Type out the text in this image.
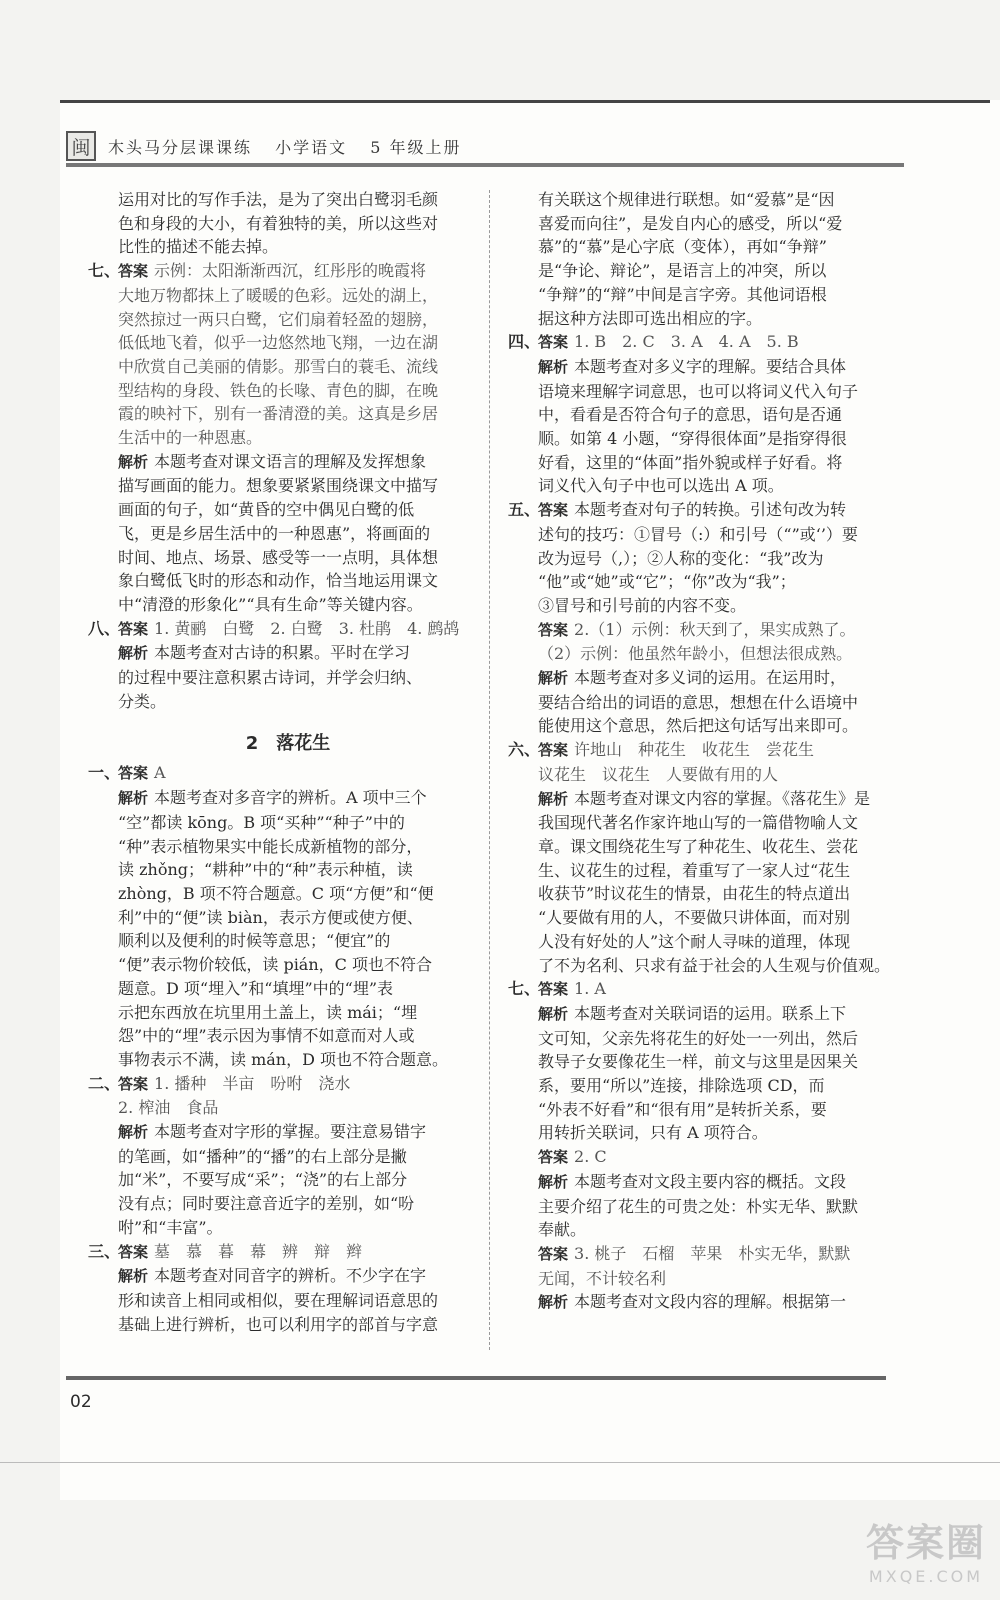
闽	木头马分层课课练 小学语文 5 年级上册

运用对比的写作手法，是为了突出白鹭羽毛颜

色和身段的大小，有着独特的美，所以这些对

比性的描述不能去掉。

七、答案 示例：太阳渐渐西沉，红彤彤的晚霞将

大地万物都抹上了暖暖的色彩。远处的湖上，

突然掠过一两只白鹭，它们扇着轻盈的翅膀，

低低地飞着，似乎一边悠然地飞翔，一边在湖

中欣赏自己美丽的倩影。那雪白的蓑毛、流线

型结构的身段、铁色的长喙、青色的脚，在晚

霞的映衬下，别有一番清澄的美。这真是乡居

生活中的一种恩惠。

解析 本题考查对课文语言的理解及发挥想象

描写画面的能力。想象要紧紧围绕课文中描写

画面的句子，如“黄昏的空中偶见白鹭的低

飞，更是乡居生活中的一种恩惠”，将画面的

时间、地点、场景、感受等一一点明，具体想

象白鹭低飞时的形态和动作，恰当地运用课文

中“清澄的形象化”“具有生命”等关键内容。

八、答案 1. 黄鹂　白鹭　2. 白鹭　3. 杜鹃　4. 鹧鸪

解析 本题考查对古诗的积累。平时在学习

的过程中要注意积累古诗词，并学会归纳、

分类。

2　落花生

一、答案 A

解析 本题考查对多音字的辨析。A 项中三个

“空”都读 kōng。B 项“买种”“种子”中的

“种”表示植物果实中能长成新植物的部分，

读 zhǒng；“耕种”中的“种”表示种植，读

zhòng，B 项不符合题意。C 项“方便”和“便

利”中的“便”读 biàn，表示方便或使方便、

顺利以及便利的时候等意思；“便宜”的

“便”表示物价较低，读 pián，C 项也不符合

题意。D 项“埋入”和“填埋”中的“埋”表

示把东西放在坑里用土盖上，读 mái；“埋

怨”中的“埋”表示因为事情不如意而对人或

事物表示不满，读 mán，D 项也不符合题意。

二、答案 1. 播种　半亩　吩咐　浇水

2. 榨油　食品

解析 本题考查对字形的掌握。要注意易错字

的笔画，如“播种”的“播”的右上部分是撇

加“米”，不要写成“采”；“浇”的右上部分

没有点；同时要注意音近字的差别，如“吩

咐”和“丰富”。

三、答案 墓　慕　暮　幕　辨　辩　辫

解析 本题考查对同音字的辨析。不少字在字

形和读音上相同或相似，要在理解词语意思的

基础上进行辨析，也可以利用字的部首与字意

有关联这个规律进行联想。如“爱慕”是“因

喜爱而向往”，是发自内心的感受，所以“爱

慕”的“慕”是心字底（变体），再如“争辩”

是“争论、辩论”，是语言上的冲突，所以

“争辩”的“辩”中间是言字旁。其他词语根

据这种方法即可选出相应的字。

四、答案 1. B　2. C　3. A　4. A　5. B

解析 本题考查对多义字的理解。要结合具体

语境来理解字词意思，也可以将词义代入句子

中，看看是否符合句子的意思，语句是否通

顺。如第 4 小题，“穿得很体面”是指穿得很

好看，这里的“体面”指外貌或样子好看。将

词义代入句子中也可以选出 A 项。

五、答案 本题考查对句子的转换。引述句改为转

述句的技巧：①冒号（:）和引号（“”或‘’）要

改为逗号（,）；②人称的变化：“我”改为

“他”或“她”或“它”；“你”改为“我”；

③冒号和引号前的内容不变。

答案 2.（1）示例：秋天到了，果实成熟了。

（2）示例：他虽然年龄小，但想法很成熟。

解析 本题考查对多义词的运用。在运用时，

要结合给出的词语的意思，想想在什么语境中

能使用这个意思，然后把这句话写出来即可。

六、答案 许地山　种花生　收花生　尝花生

议花生　议花生　人要做有用的人

解析 本题考查对课文内容的掌握。《落花生》是

我国现代著名作家许地山写的一篇借物喻人文

章。课文围绕花生写了种花生、收花生、尝花

生、议花生的过程，着重写了一家人过“花生

收获节”时议花生的情景，由花生的特点道出

“人要做有用的人，不要做只讲体面，而对别

人没有好处的人”这个耐人寻味的道理，体现

了不为名利、只求有益于社会的人生观与价值观。

七、答案 1. A

解析 本题考查对关联词语的运用。联系上下

文可知，父亲先将花生的好处一一列出，然后

教导子女要像花生一样，前文与这里是因果关

系，要用“所以”连接，排除选项 CD，而

“外表不好看”和“很有用”是转折关系，要

用转折关联词，只有 A 项符合。

答案 2. C

解析 本题考查对文段主要内容的概括。文段

主要介绍了花生的可贵之处：朴实无华、默默

奉献。

答案 3. 桃子　石榴　苹果　朴实无华，默默

无闻，不计较名利

解析 本题考查对文段内容的理解。根据第一

02
答案圈
MXQE.COM
